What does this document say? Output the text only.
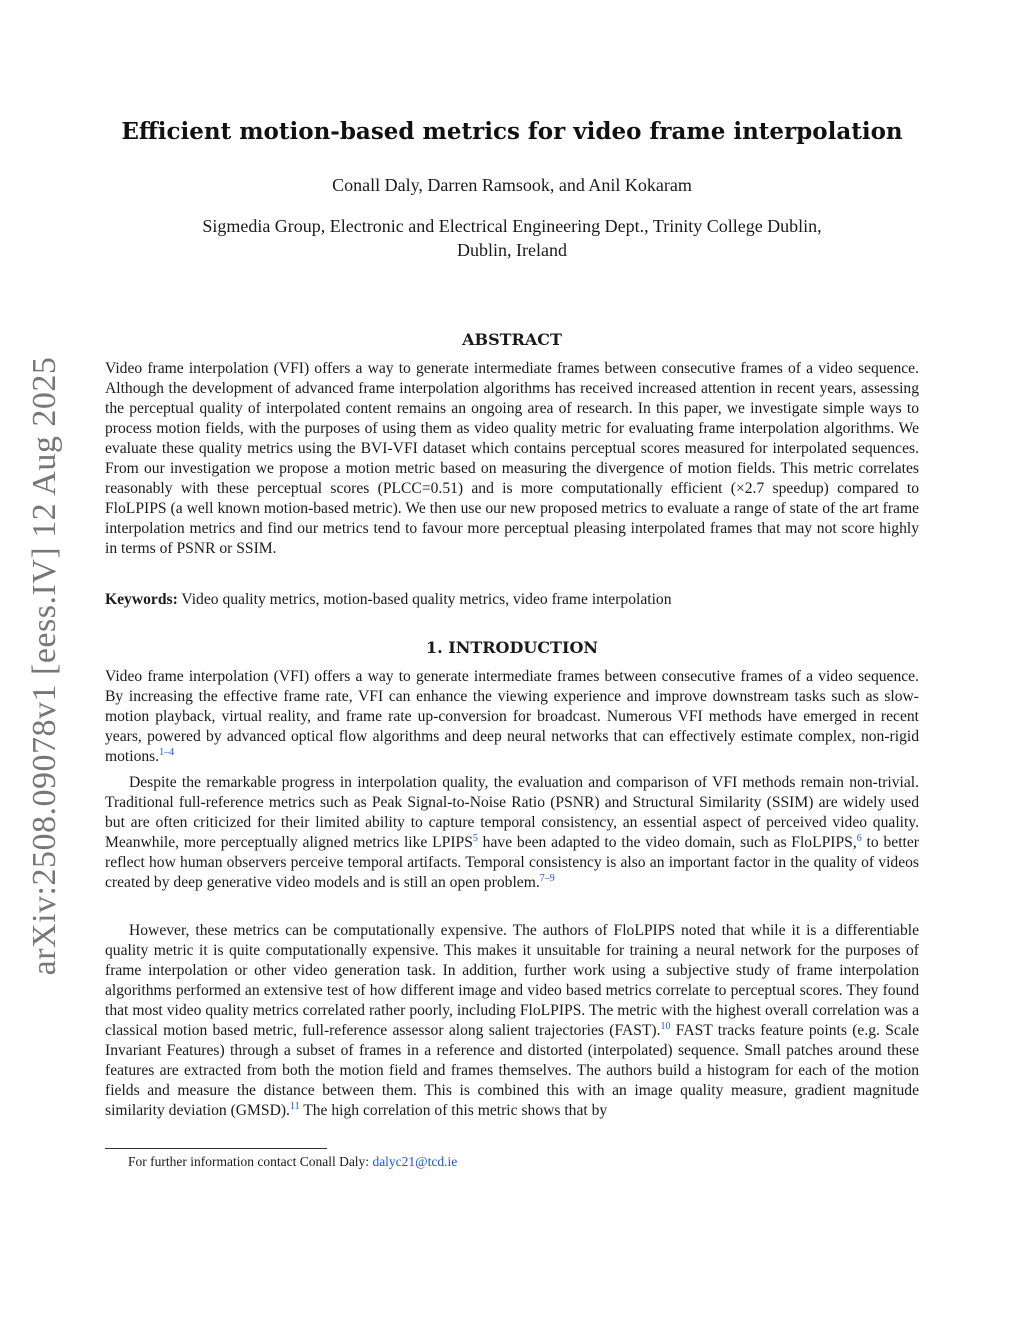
arXiv:2508.09078v1 [eess.IV] 12 Aug 2025
Efficient motion-based metrics for video frame interpolation
Conall Daly, Darren Ramsook, and Anil Kokaram
Sigmedia Group, Electronic and Electrical Engineering Dept., Trinity College Dublin,
Dublin, Ireland
ABSTRACT
Video frame interpolation (VFI) offers a way to generate intermediate frames between consecutive frames of a video sequence. Although the development of advanced frame interpolation algorithms has received increased attention in recent years, assessing the perceptual quality of interpolated content remains an ongoing area of research. In this paper, we investigate simple ways to process motion fields, with the purposes of using them as video quality metric for evaluating frame interpolation algorithms. We evaluate these quality metrics using the BVI-VFI dataset which contains perceptual scores measured for interpolated sequences. From our investigation we propose a motion metric based on measuring the divergence of motion fields. This metric correlates reasonably with these perceptual scores (PLCC=0.51) and is more computationally efficient (×2.7 speedup) compared to FloLPIPS (a well known motion-based metric). We then use our new proposed metrics to evaluate a range of state of the art frame interpolation metrics and find our metrics tend to favour more perceptual pleasing interpolated frames that may not score highly in terms of PSNR or SSIM.
Keywords: Video quality metrics, motion-based quality metrics, video frame interpolation
1. INTRODUCTION
Video frame interpolation (VFI) offers a way to generate intermediate frames between consecutive frames of a video sequence. By increasing the effective frame rate, VFI can enhance the viewing experience and improve downstream tasks such as slow-motion playback, virtual reality, and frame rate up-conversion for broadcast. Numerous VFI methods have emerged in recent years, powered by advanced optical flow algorithms and deep neural networks that can effectively estimate complex, non-rigid motions.$^{1-4}$
Despite the remarkable progress in interpolation quality, the evaluation and comparison of VFI methods remain non-trivial. Traditional full-reference metrics such as Peak Signal-to-Noise Ratio (PSNR) and Structural Similarity (SSIM) are widely used but are often criticized for their limited ability to capture temporal consistency, an essential aspect of perceived video quality. Meanwhile, more perceptually aligned metrics like LPIPS$^5$ have been adapted to the video domain, such as FloLPIPS,$^6$ to better reflect how human observers perceive temporal artifacts. Temporal consistency is also an important factor in the quality of videos created by deep generative video models and is still an open problem.$^{7-9}$
However, these metrics can be computationally expensive. The authors of FloLPIPS noted that while it is a differentiable quality metric it is quite computationally expensive. This makes it unsuitable for training a neural network for the purposes of frame interpolation or other video generation task. In addition, further work using a subjective study of frame interpolation algorithms performed an extensive test of how different image and video based metrics correlate to perceptual scores. They found that most video quality metrics correlated rather poorly, including FloLPIPS. The metric with the highest overall correlation was a classical motion based metric, full-reference assessor along salient trajectories (FAST).$^{10}$ FAST tracks feature points (e.g. Scale Invariant Features) through a subset of frames in a reference and distorted (interpolated) sequence. Small patches around these features are extracted from both the motion field and frames themselves. The authors build a histogram for each of the motion fields and measure the distance between them. This is combined this with an image quality measure, gradient magnitude similarity deviation (GMSD).$^{11}$ The high correlation of this metric shows that by
For further information contact Conall Daly: dalyc21@tcd.ie
